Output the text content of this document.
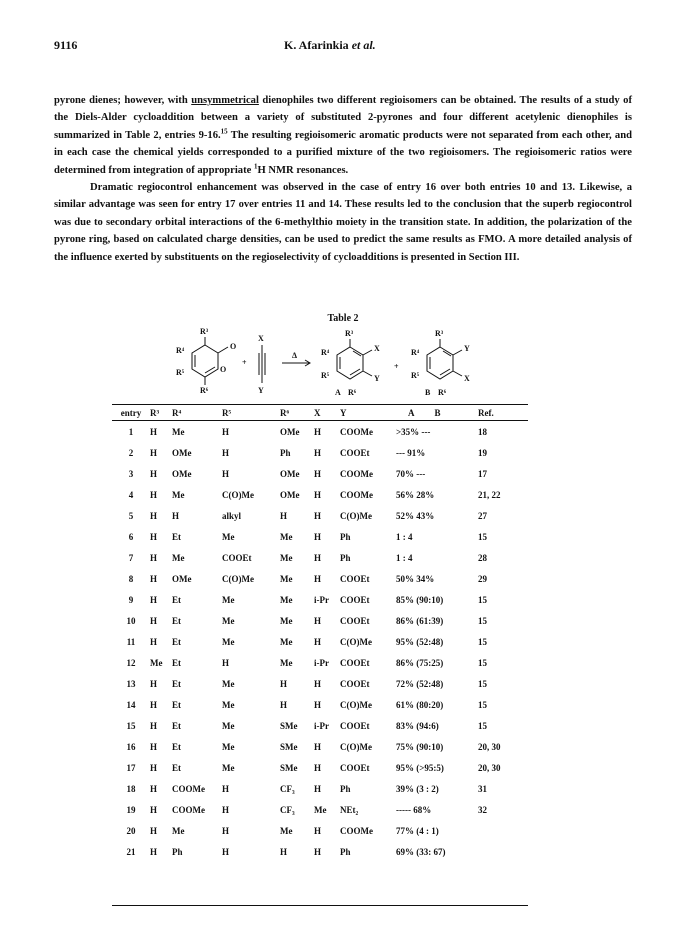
9116	K. Afarinkia et al.

pyrone dienes; however, with unsymmetrical dienophiles two different regioisomers can be obtained. The results of a study of the Diels-Alder cycloaddition between a variety of substituted 2-pyrones and four different acetylenic dienophiles is summarized in Table 2, entries 9-16.15 The resulting regioisomeric aromatic products were not separated from each other, and in each case the chemical yields corresponded to a purified mixture of the two regioisomers. The regioisomeric ratios were determined from integration of appropriate $^1$H NMR resonances.

Dramatic regiocontrol enhancement was observed in the case of entry 16 over both entries 10 and 13. Likewise, a similar advantage was seen for entry 17 over entries 11 and 14. These results led to the conclusion that the superb regiocontrol was due to secondary orbital interactions of the 6-methylthio moiety in the transition state. In addition, the polarization of the pyrone ring, based on calculated charge densities, can be used to predict the same results as FMO. A more detailed analysis of the influence exerted by substituents on the regioselectivity of cycloadditions is presented in Section III.

Table 2
R³
R⁴	O
O
R⁵
R⁶
+
X
Y
Δ
R³
R⁴
R⁵
X
Y
A R⁶
+
R³
R⁴
R⁵
Y
X
B R⁶
entry	R³	R⁴	R⁵	R⁶	X	Y	A B	Ref.
1	H	Me	H	OMe	H	COOMe	>35% ---	18
2	H	OMe	H	Ph	H	COOEt	--- 91%	19
3	H	OMe	H	OMe	H	COOMe	70% ---	17
4	H	Me	C(O)Me	OMe	H	COOMe	56% 28%	21, 22
5	H	H	alkyl	H	H	C(O)Me	52% 43%	27
6	H	Et	Me	Me	H	Ph	1 : 4	15
7	H	Me	COOEt	Me	H	Ph	1 : 4	28
8	H	OMe	C(O)Me	Me	H	COOEt	50% 34%	29
9	H	Et	Me	Me	i-Pr	COOEt	85% (90:10)	15
10	H	Et	Me	Me	H	COOEt	86% (61:39)	15
11	H	Et	Me	Me	H	C(O)Me	95% (52:48)	15
12	Me	Et	H	Me	i-Pr	COOEt	86% (75:25)	15
13	H	Et	Me	H	H	COOEt	72% (52:48)	15
14	H	Et	Me	H	H	C(O)Me	61% (80:20)	15
15	H	Et	Me	SMe	i-Pr	COOEt	83% (94:6)	15
16	H	Et	Me	SMe	H	C(O)Me	75% (90:10)	20, 30
17	H	Et	Me	SMe	H	COOEt	95% (>95:5)	20, 30
18	H	COOMe	H	CF₃	H	Ph	39% (3 : 2)	31
19	H	COOMe	H	CF₃	Me	NEt₂	----- 68%	32
20	H	Me	H	Me	H	COOMe	77% (4 : 1)	
21	H	Ph	H	H	H	Ph	69% (33: 67)	
